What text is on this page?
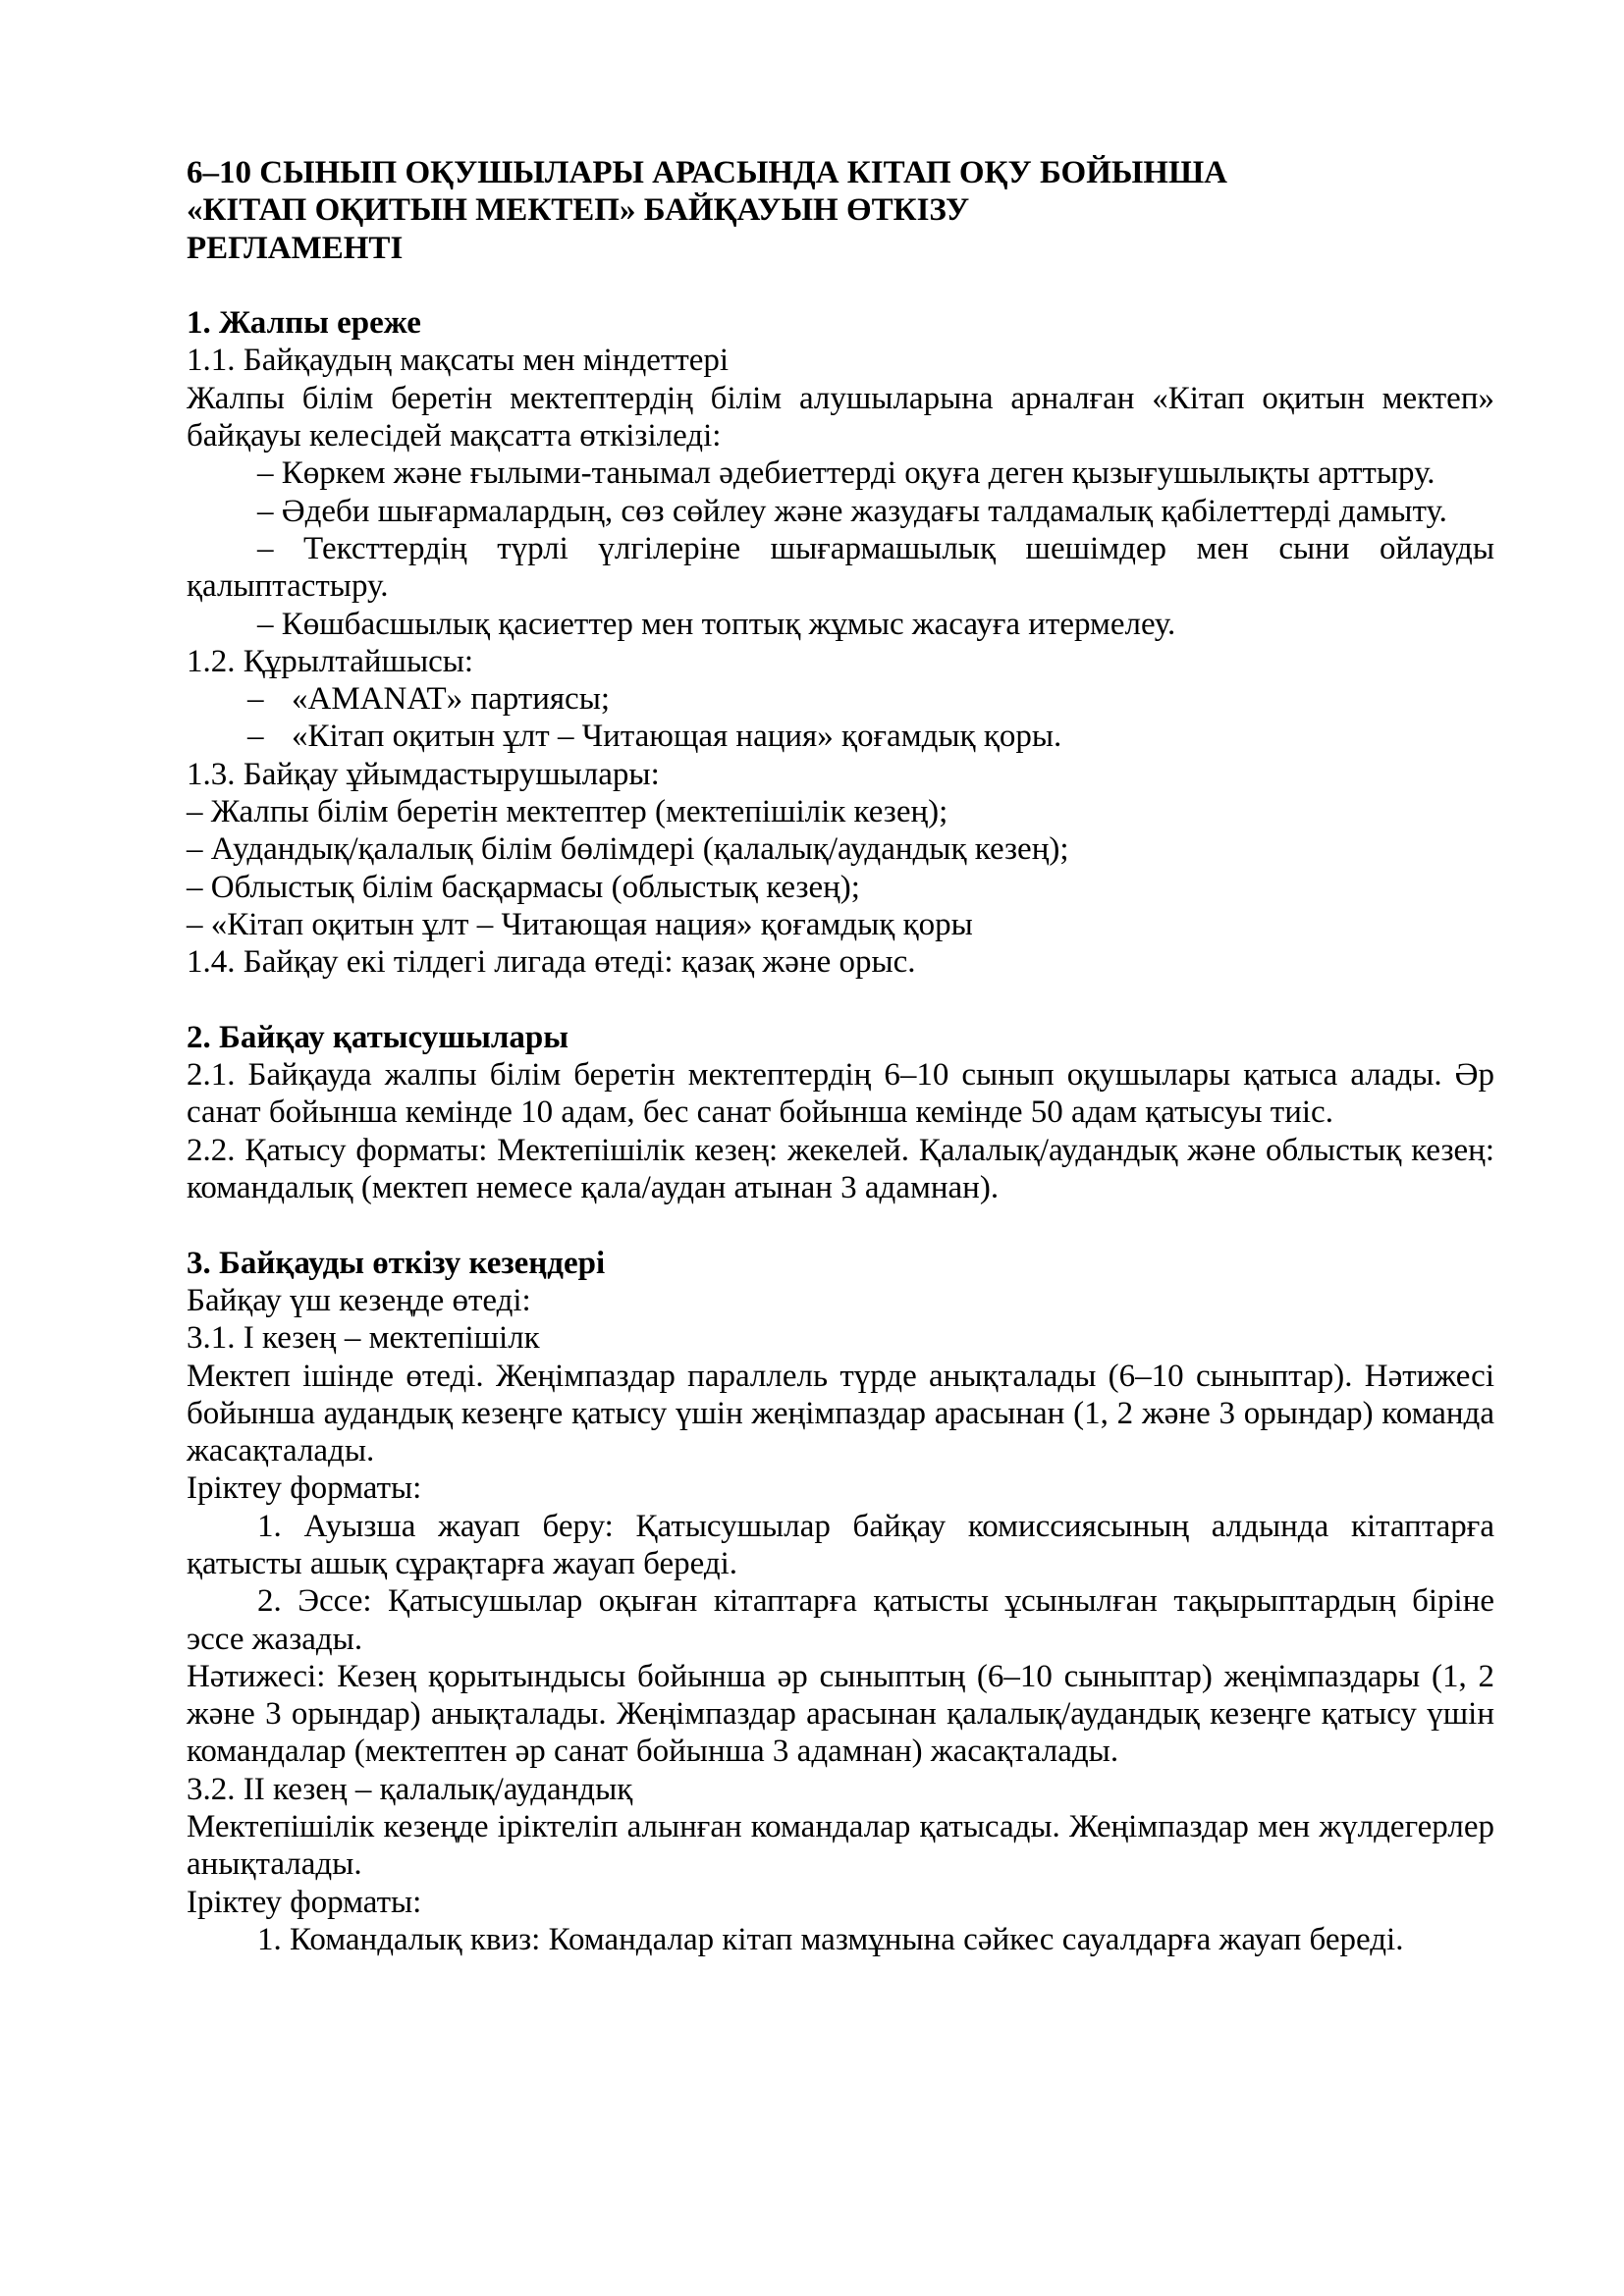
6–10 СЫНЫП ОҚУШЫЛАРЫ АРАСЫНДА КІТАП ОҚУ БОЙЫНША

«КІТАП ОҚИТЫН МЕКТЕП» БАЙҚАУЫН ӨТКІЗУ

РЕГЛАМЕНТІ

1. Жалпы ереже

1.1. Байқаудың мақсаты мен міндеттері

Жалпы білім беретін мектептердің білім алушыларына арналған «Кітап оқитын мектеп» байқауы келесідей мақсатта өткізіледі:

– Көркем және ғылыми-танымал әдебиеттерді оқуға деген қызығушылықты арттыру.

– Әдеби шығармалардың, сөз сөйлеу және жазудағы талдамалық қабілеттерді дамыту.

– Тексттердің түрлі үлгілеріне шығармашылық шешімдер мен сыни ойлауды қалыптастыру.

– Көшбасшылық қасиеттер мен топтық жұмыс жасауға итермелеу.

1.2. Құрылтайшысы:

– «AMANAT» партиясы;

– «Кітап оқитын ұлт – Читающая нация» қоғамдық қоры.

1.3. Байқау ұйымдастырушылары:

– Жалпы білім беретін мектептер (мектепішілік кезең);

– Аудандық/қалалық білім бөлімдері (қалалық/аудандық кезең);

– Облыстық білім басқармасы (облыстық кезең);

– «Кітап оқитын ұлт – Читающая нация» қоғамдық қоры

1.4. Байқау екі тілдегі лигада өтеді: қазақ және орыс.

2. Байқау қатысушылары

2.1. Байқауда жалпы білім беретін мектептердің 6–10 сынып оқушылары қатыса алады. Әр санат бойынша кемінде 10 адам, бес санат бойынша кемінде 50 адам қатысуы тиіс.

2.2. Қатысу форматы: Мектепішілік кезең: жекелей. Қалалық/аудандық және облыстық кезең: командалық (мектеп немесе қала/аудан атынан 3 адамнан).

3. Байқауды өткізу кезеңдері

Байқау үш кезеңде өтеді:

3.1. I кезең – мектепішілк

Мектеп ішінде өтеді. Жеңімпаздар параллель түрде анықталады (6–10 сыныптар). Нәтижесі бойынша аудандық кезеңге қатысу үшін жеңімпаздар арасынан (1, 2 және 3 орындар) команда жасақталады.

Іріктеу форматы:

1. Ауызша жауап беру: Қатысушылар байқау комиссиясының алдында кітаптарға қатысты ашық сұрақтарға жауап береді.

2. Эссе: Қатысушылар оқыған кітаптарға қатысты ұсынылған тақырыптардың біріне эссе жазады.

Нәтижесі: Кезең қорытындысы бойынша әр сыныптың (6–10 сыныптар) жеңімпаздары (1, 2 және 3 орындар) анықталады. Жеңімпаздар арасынан қалалық/аудандық кезеңге қатысу үшін командалар (мектептен әр санат бойынша 3 адамнан) жасақталады.

3.2. II кезең – қалалық/аудандық

Мектепішілік кезеңде іріктеліп алынған командалар қатысады. Жеңімпаздар мен жүлдегерлер анықталады.

Іріктеу форматы:

1. Командалық квиз: Командалар кітап мазмұнына сәйкес сауалдарға жауап береді.
